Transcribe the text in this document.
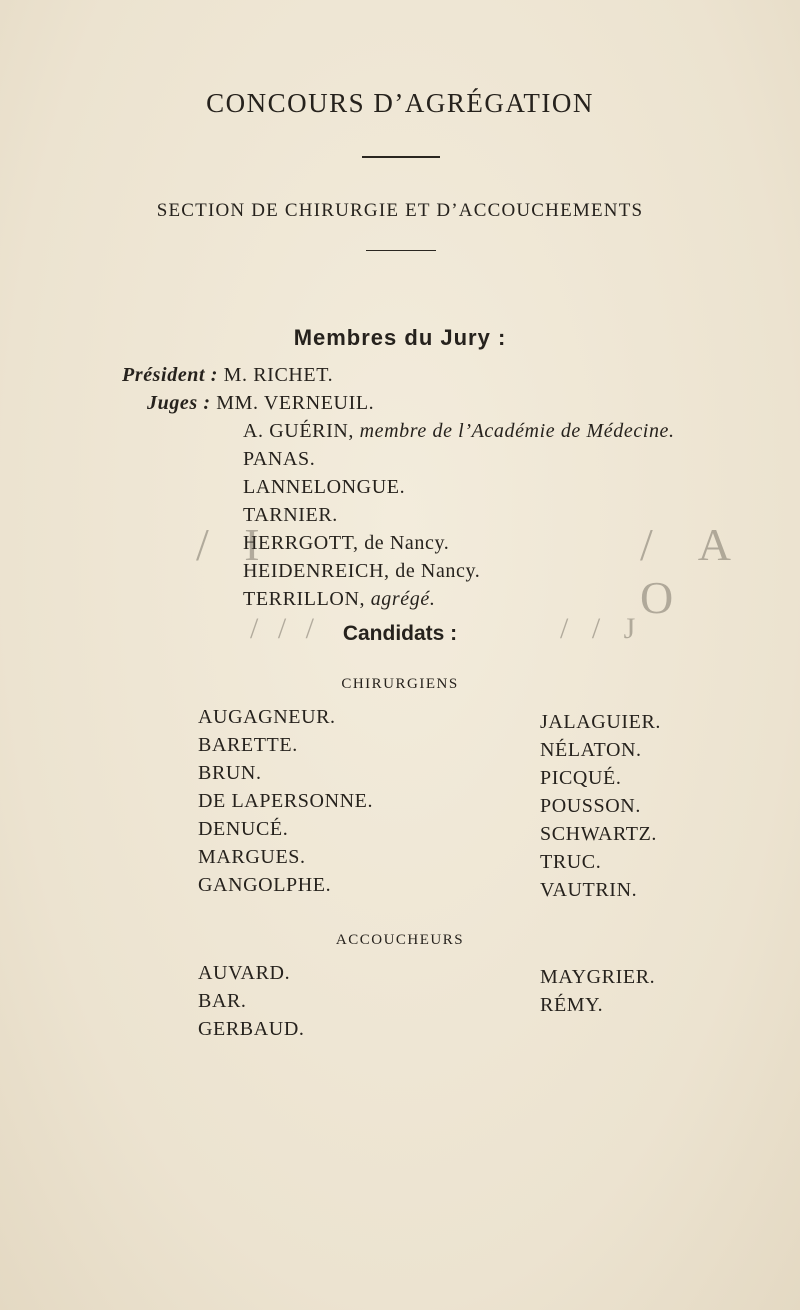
CONCOURS D’AGRÉGATION
SECTION DE CHIRURGIE ET D’ACCOUCHEMENTS
Membres du Jury :
Président : M. RICHET.
Juges : MM. VERNEUIL.
A. GUÉRIN, membre de l’Académie de Médecine.
PANAS.
LANNELONGUE.
TARNIER.
HERRGOTT, de Nancy.
HEIDENREICH, de Nancy.
TERRILLON, agrégé.
/ I	/ A O
/ / /	/ / J
Candidats :
CHIRURGIENS
AUGAGNEUR.
BARETTE.
BRUN.
DE LAPERSONNE.
DENUCÉ.
MARGUES.
GANGOLPHE.
JALAGUIER.
NÉLATON.
PICQUÉ.
POUSSON.
SCHWARTZ.
TRUC.
VAUTRIN.
ACCOUCHEURS
AUVARD.
BAR.
GERBAUD.
MAYGRIER.
RÉMY.
